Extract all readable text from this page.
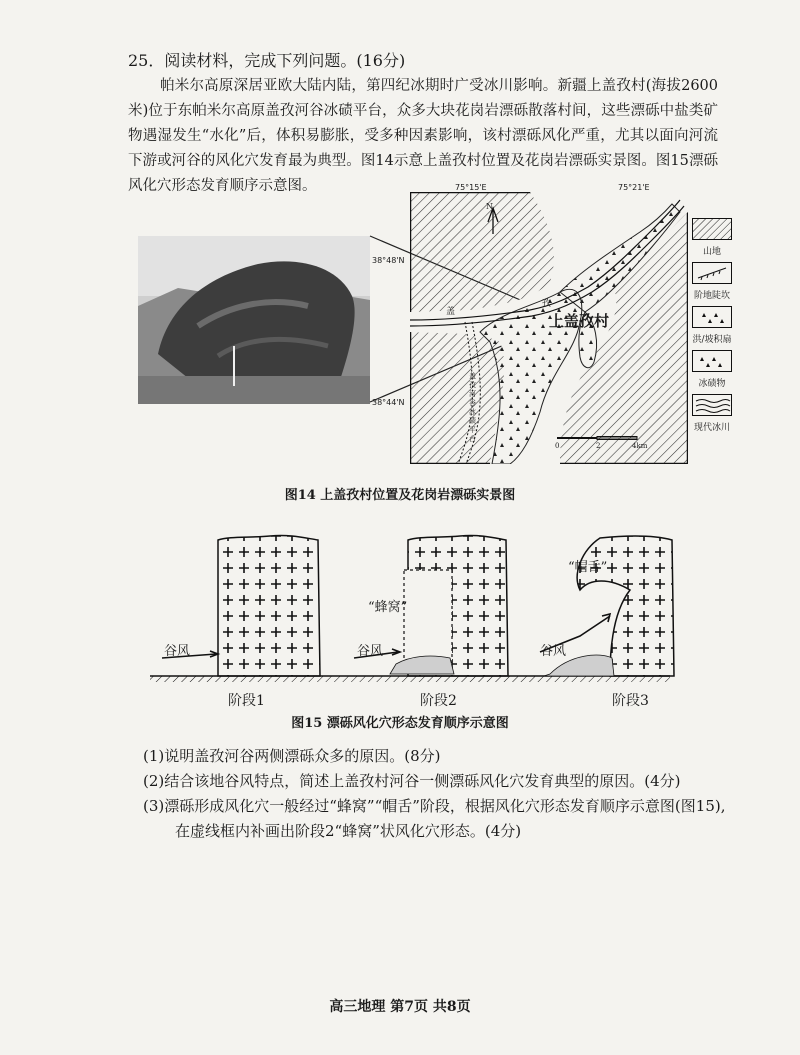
25．阅读材料，完成下列问题。(16分)
帕米尔高原深居亚欧大陆内陆，第四纪冰期时广受冰川影响。新疆上盖孜村(海拔2600米)位于东帕米尔高原盖孜河谷冰碛平台，众多大块花岗岩漂砾散落村间，这些漂砾中盐类矿物遇湿发生“水化”后，体积易膨胀，受多种因素影响，该村漂砾风化严重，尤其以面向河流下游或河谷的风化穴发育最为典型。图14示意上盖孜村位置及花岗岩漂砾实景图。图15漂砾风化穴形态发育顺序示意图。	75°15'E	75°21'E
38°48'N
38°44'N
N
上盖孜村
盖
孜
盖孜河谷冰碛平台
0	2	4km
山地
阶地陡坎
洪/坡积扇
冰碛物
现代冰川
图14 上盖孜村位置及花岗岩漂砾实景图
谷风	谷风	谷风
“蜂窝”
“帽舌”
阶段1	阶段2	阶段3
图15 漂砾风化穴形态发育顺序示意图
(1)说明盖孜河谷两侧漂砾众多的原因。(8分)
(2)结合该地谷风特点，简述上盖孜村河谷一侧漂砾风化穴发育典型的原因。(4分)
(3)漂砾形成风化穴一般经过“蜂窝”“帽舌”阶段，根据风化穴形态发育顺序示意图(图15),
在虚线框内补画出阶段2“蜂窝”状风化穴形态。(4分)
高三地理 第7页 共8页
